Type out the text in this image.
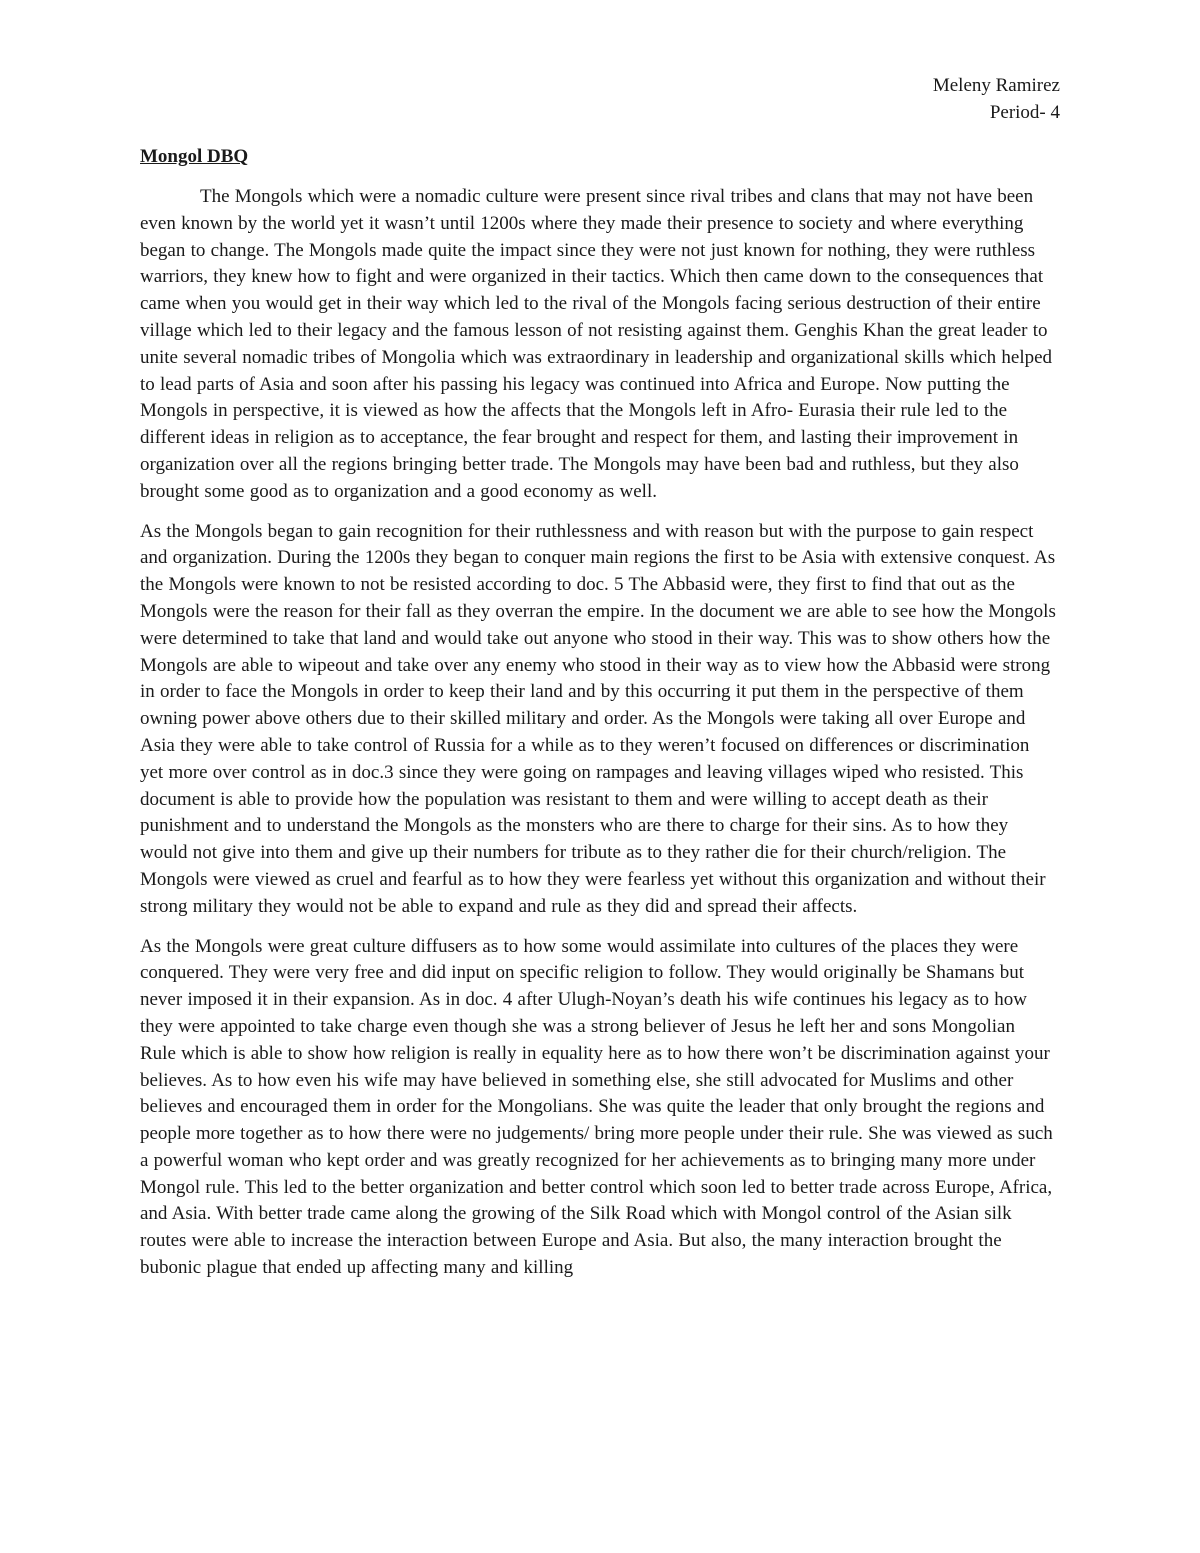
Meleny Ramirez
Period- 4
Mongol DBQ

The Mongols which were a nomadic culture were present since rival tribes and clans that may not have been even known by the world yet it wasn’t until 1200s where they made their presence to society and where everything began to change. The Mongols made quite the impact since they were not just known for nothing, they were ruthless warriors, they knew how to fight and were organized in their tactics. Which then came down to the consequences that came when you would get in their way which led to the rival of the Mongols facing serious destruction of their entire village which led to their legacy and the famous lesson of not resisting against them. Genghis Khan the great leader to unite several nomadic tribes of Mongolia which was extraordinary in leadership and organizational skills which helped to lead parts of Asia and soon after his passing his legacy was continued into Africa and Europe. Now putting the Mongols in perspective, it is viewed as how the affects that the Mongols left in Afro- Eurasia their rule led to the different ideas in religion as to acceptance, the fear brought and respect for them, and lasting their improvement in organization over all the regions bringing better trade. The Mongols may have been bad and ruthless, but they also brought some good as to organization and a good economy as well.

As the Mongols began to gain recognition for their ruthlessness and with reason but with the purpose to gain respect and organization. During the 1200s they began to conquer main regions the first to be Asia with extensive conquest. As the Mongols were known to not be resisted according to doc. 5 The Abbasid were, they first to find that out as the Mongols were the reason for their fall as they overran the empire. In the document we are able to see how the Mongols were determined to take that land and would take out anyone who stood in their way. This was to show others how the Mongols are able to wipeout and take over any enemy who stood in their way as to view how the Abbasid were strong in order to face the Mongols in order to keep their land and by this occurring it put them in the perspective of them owning power above others due to their skilled military and order. As the Mongols were taking all over Europe and Asia they were able to take control of Russia for a while as to they weren’t focused on differences or discrimination yet more over control as in doc.3 since they were going on rampages and leaving villages wiped who resisted. This document is able to provide how the population was resistant to them and were willing to accept death as their punishment and to understand the Mongols as the monsters who are there to charge for their sins. As to how they would not give into them and give up their numbers for tribute as to they rather die for their church/religion. The Mongols were viewed as cruel and fearful as to how they were fearless yet without this organization and without their strong military they would not be able to expand and rule as they did and spread their affects.

As the Mongols were great culture diffusers as to how some would assimilate into cultures of the places they were conquered. They were very free and did input on specific religion to follow. They would originally be Shamans but never imposed it in their expansion. As in doc. 4 after Ulugh-Noyan’s death his wife continues his legacy as to how they were appointed to take charge even though she was a strong believer of Jesus he left her and sons Mongolian Rule which is able to show how religion is really in equality here as to how there won’t be discrimination against your believes. As to how even his wife may have believed in something else, she still advocated for Muslims and other believes and encouraged them in order for the Mongolians. She was quite the leader that only brought the regions and people more together as to how there were no judgements/ bring more people under their rule. She was viewed as such a powerful woman who kept order and was greatly recognized for her achievements as to bringing many more under Mongol rule. This led to the better organization and better control which soon led to better trade across Europe, Africa, and Asia. With better trade came along the growing of the Silk Road which with Mongol control of the Asian silk routes were able to increase the interaction between Europe and Asia. But also, the many interaction brought the bubonic plague that ended up affecting many and killing
